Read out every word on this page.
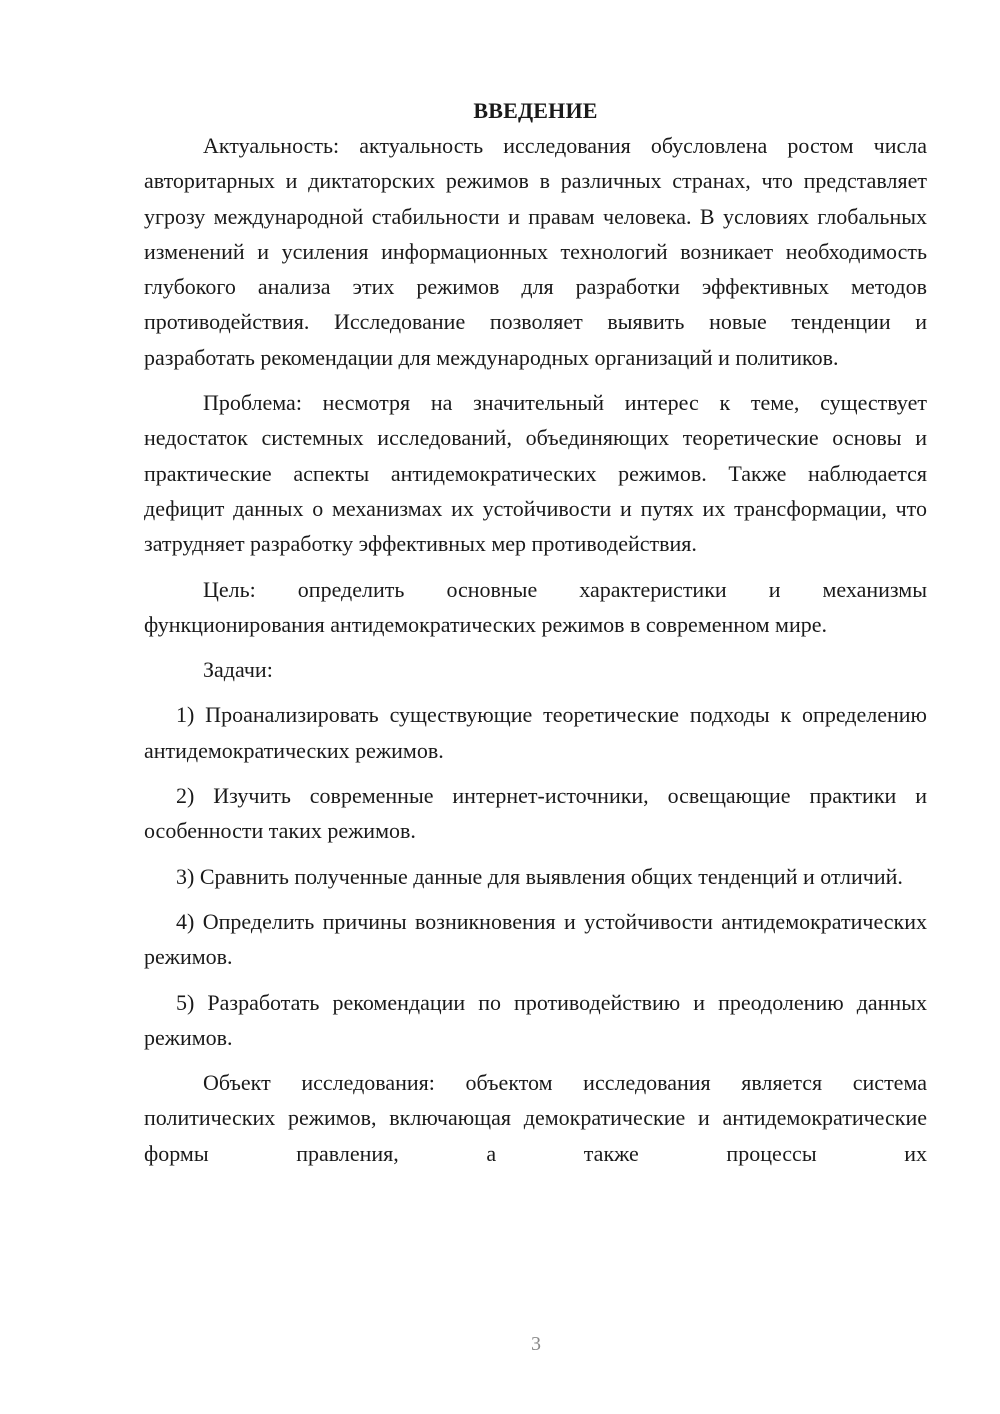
ВВЕДЕНИЕ

Актуальность: актуальность исследования обусловлена ростом числа авторитарных и диктаторских режимов в различных странах, что представляет угрозу международной стабильности и правам человека. В условиях глобальных изменений и усиления информационных технологий возникает необходимость глубокого анализа этих режимов для разработки эффективных методов противодействия. Исследование позволяет выявить новые тенденции и разработать рекомендации для международных организаций и политиков.

Проблема: несмотря на значительный интерес к теме, существует недостаток системных исследований, объединяющих теоретические основы и практические аспекты антидемократических режимов. Также наблюдается дефицит данных о механизмах их устойчивости и путях их трансформации, что затрудняет разработку эффективных мер противодействия.

Цель: определить основные характеристики и механизмы функционирования антидемократических режимов в современном мире.

Задачи:

1) Проанализировать существующие теоретические подходы к определению антидемократических режимов.

2) Изучить современные интернет-источники, освещающие практики и особенности таких режимов.

3) Сравнить полученные данные для выявления общих тенденций и отличий.

4) Определить причины возникновения и устойчивости антидемократических режимов.

5) Разработать рекомендации по противодействию и преодолению данных режимов.

Объект исследования: объектом исследования является система политических режимов, включающая демократические и антидемократические формы правления, а также процессы их

3
